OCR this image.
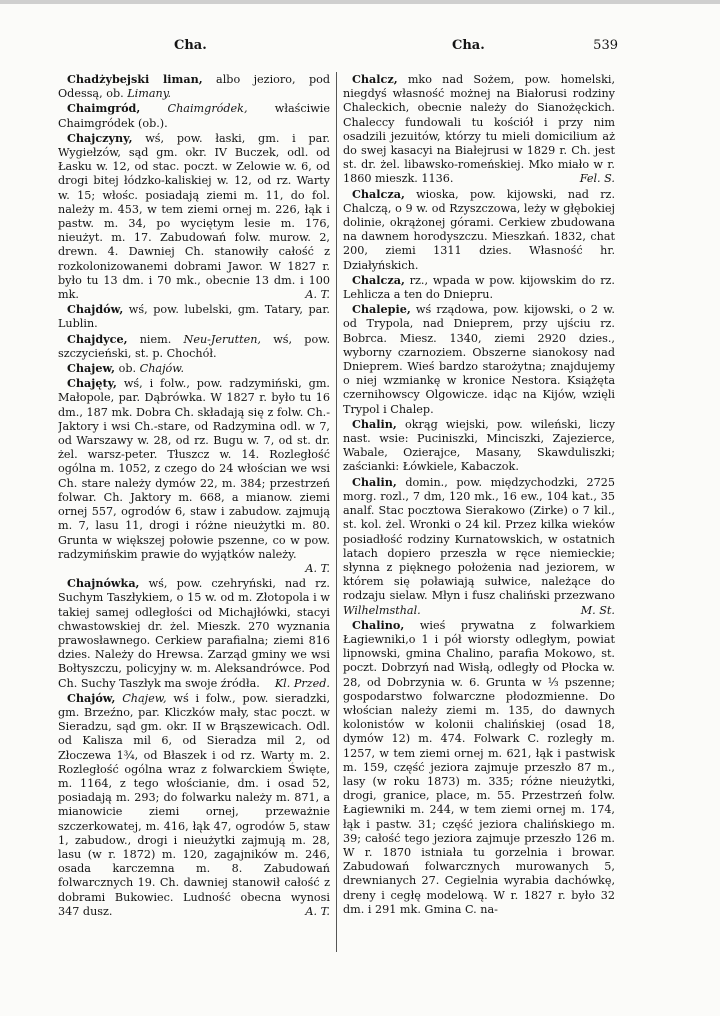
Cha.	Cha.	539

Chadżybejski liman, albo jezioro, pod Odessą, ob. Limany.

Chaimgród, Chaimgródek, właściwie Chaimgródek (ob.).

Chajczyny, wś, pow. łaski, gm. i par. Wygiełzów, sąd gm. okr. IV Buczek, odl. od Łasku w. 12, od stac. poczt. w Zelowie w. 6, od drogi bitej łódzko-kaliskiej w. 12, od rz. Warty w. 15; włośc. posiadają ziemi m. 11, do fol. należy m. 453, w tem ziemi ornej m. 226, łąk i pastw. m. 34, po wyciętym lesie m. 176, nieużyt. m. 17. Zabudowań folw. murow. 2, drewn. 4. Dawniej Ch. stanowiły całość z rozkolonizowanemi dobrami Jawor. W 1827 r. było tu 13 dm. i 70 mk., obecnie 13 dm. i 100 mk.	A. T.

Chajdów, wś, pow. lubelski, gm. Tatary, par. Lublin.

Chajdyce, niem. Neu-Jerutten, wś, pow. szczycieński, st. p. Chochół.

Chajew, ob. Chajów.

Chajęty, wś, i folw., pow. radzymiński, gm. Małopole, par. Dąbrówka. W 1827 r. było tu 16 dm., 187 mk. Dobra Ch. składają się z folw. Ch.-Jaktory i wsi Ch.-stare, od Radzymina odl. w 7, od Warszawy w. 28, od rz. Bugu w. 7, od st. dr. żel. warsz-peter. Tłuszcz w. 14. Rozległość ogólna m. 1052, z czego do 24 włościan we wsi Ch. stare należy dymów 22, m. 384; przestrzeń folwar. Ch. Jaktory m. 668, a mianow. ziemi ornej 557, ogrodów 6, staw i zabudow. zajmują m. 7, lasu 11, drogi i różne nieużytki m. 80. Grunta w większej połowie pszenne, co w pow. radzymińskim prawie do wyjątków należy.
A. T.

Chajnówka, wś, pow. czehryński, nad rz. Suchym Taszłykiem, o 15 w. od m. Złotopola i w takiej samej odległości od Michajłówki, stacyi chwastowskiej dr. żel. Mieszk. 270 wyznania prawosławnego. Cerkiew parafialna; ziemi 816 dzies. Należy do Hrewsa. Zarząd gminy we wsi Bołtyszczu, policyjny w. m. Aleksandrówce. Pod Ch. Suchy Taszłyk ma swoje źródła.	Kl. Przed.

Chajów, Chajew, wś i folw., pow. sieradzki, gm. Brzeźno, par. Kliczków mały, stac poczt. w Sieradzu, sąd gm. okr. II w Brąszewicach. Odl. od Kalisza mil 6, od Sieradza mil 2, od Złoczewa 1¾, od Błaszek i od rz. Warty m. 2. Rozległość ogólna wraz z folwarckiem Święte, m. 1164, z tego włościanie, dm. i osad 52, posiadają m. 293; do folwarku należy m. 871, a mianowicie ziemi ornej, przeważnie szczerkowatej, m. 416, łąk 47, ogrodów 5, staw 1, zabudow., drogi i nieużytki zajmują m. 28, lasu (w r. 1872) m. 120, zagajników m. 246, osada karczemna m. 8. Zabudowań folwarcznych 19. Ch. dawniej stanowił całość z dobrami Bukowiec. Ludność obecna wynosi 347 dusz.	A. T.

Chalcz, mko nad Sożem, pow. homelski, niegdyś własność możnej na Białorusi rodziny Chaleckich, obecnie należy do Sianożęckich. Chaleccy fundowali tu kościół i przy nim osadzili jezuitów, którzy tu mieli domicilium aż do swej kasacyi na Białejrusi w 1829 r. Ch. jest st. dr. żel. libawsko-romeńskiej. Mko miało w r. 1860 mieszk. 1136.	Fel. S.

Chalcza, wioska, pow. kijowski, nad rz. Chalczą, o 9 w. od Rzyszczowa, leży w głębokiej dolinie, okrążonej górami. Cerkiew zbudowana na dawnem horodyszczu. Mieszkań. 1832, chat 200, ziemi 1311 dzies. Własność hr. Działyńskich.

Chalcza, rz., wpada w pow. kijowskim do rz. Lehlicza a ten do Dniepru.

Chalepie, wś rządowa, pow. kijowski, o 2 w. od Trypola, nad Dnieprem, przy ujściu rz. Bobrca. Miesz. 1340, ziemi 2920 dzies., wyborny czarnoziem. Obszerne sianokosy nad Dnieprem. Wieś bardzo starożytna; znajdujemy o niej wzmiankę w kronice Nestora. Książęta czernihowscy Olgowicze. idąc na Kijów, wzięli Trypol i Chalep.

Chalin, okrąg wiejski, pow. wileński, liczy nast. wsie: Puciniszki, Minciszki, Zajezierce, Wabale, Ozierajce, Masany, Skawduliszki; zaścianki: Łówkiele, Kabaczok.

Chalin, domin., pow. międzychodzki, 2725 morg. rozl., 7 dm, 120 mk., 16 ew., 104 kat., 35 analf. Stac pocztowa Sierakowo (Zirke) o 7 kil., st. kol. żel. Wronki o 24 kil. Przez kilka wieków posiadłość rodziny Kurnatowskich, w ostatnich latach dopiero przeszła w ręce niemieckie; słynna z pięknego położenia nad jeziorem, w którem się poławiają sułwice, należące do rodzaju sielaw. Młyn i fusz chaliński przezwano Wilhelmsthal.	M. St.

Chalino, wieś prywatna z folwarkiem Łagiewniki,o 1 i pół wiorsty odległym, powiat lipnowski, gmina Chalino, parafia Mokowo, st. poczt. Dobrzyń nad Wisłą, odległy od Płocka w. 28, od Dobrzynia w. 6. Grunta w ⅓ pszenne; gospodarstwo folwarczne płodozmienne. Do włościan należy ziemi m. 135, do dawnych kolonistów w kolonii chalińskiej (osad 18, dymów 12) m. 474. Folwark C. rozległy m. 1257, w tem ziemi ornej m. 621, łąk i pastwisk m. 159, część jeziora zajmuje przeszło 87 m., lasy (w roku 1873) m. 335; różne nieużytki, drogi, granice, place, m. 55. Przestrzeń folw. Łagiewniki m. 244, w tem ziemi ornej m. 174, łąk i pastw. 31; część jeziora chalińskiego m. 39; całość tego jeziora zajmuje przeszło 126 m. W r. 1870 istniała tu gorzelnia i browar. Zabudowań folwarcznych murowanych 5, drewnianych 27. Cegielnia wyrabia dachówkę, dreny i cegłę modelową. W r. 1827 r. było 32 dm. i 291 mk. Gmina C. na-
